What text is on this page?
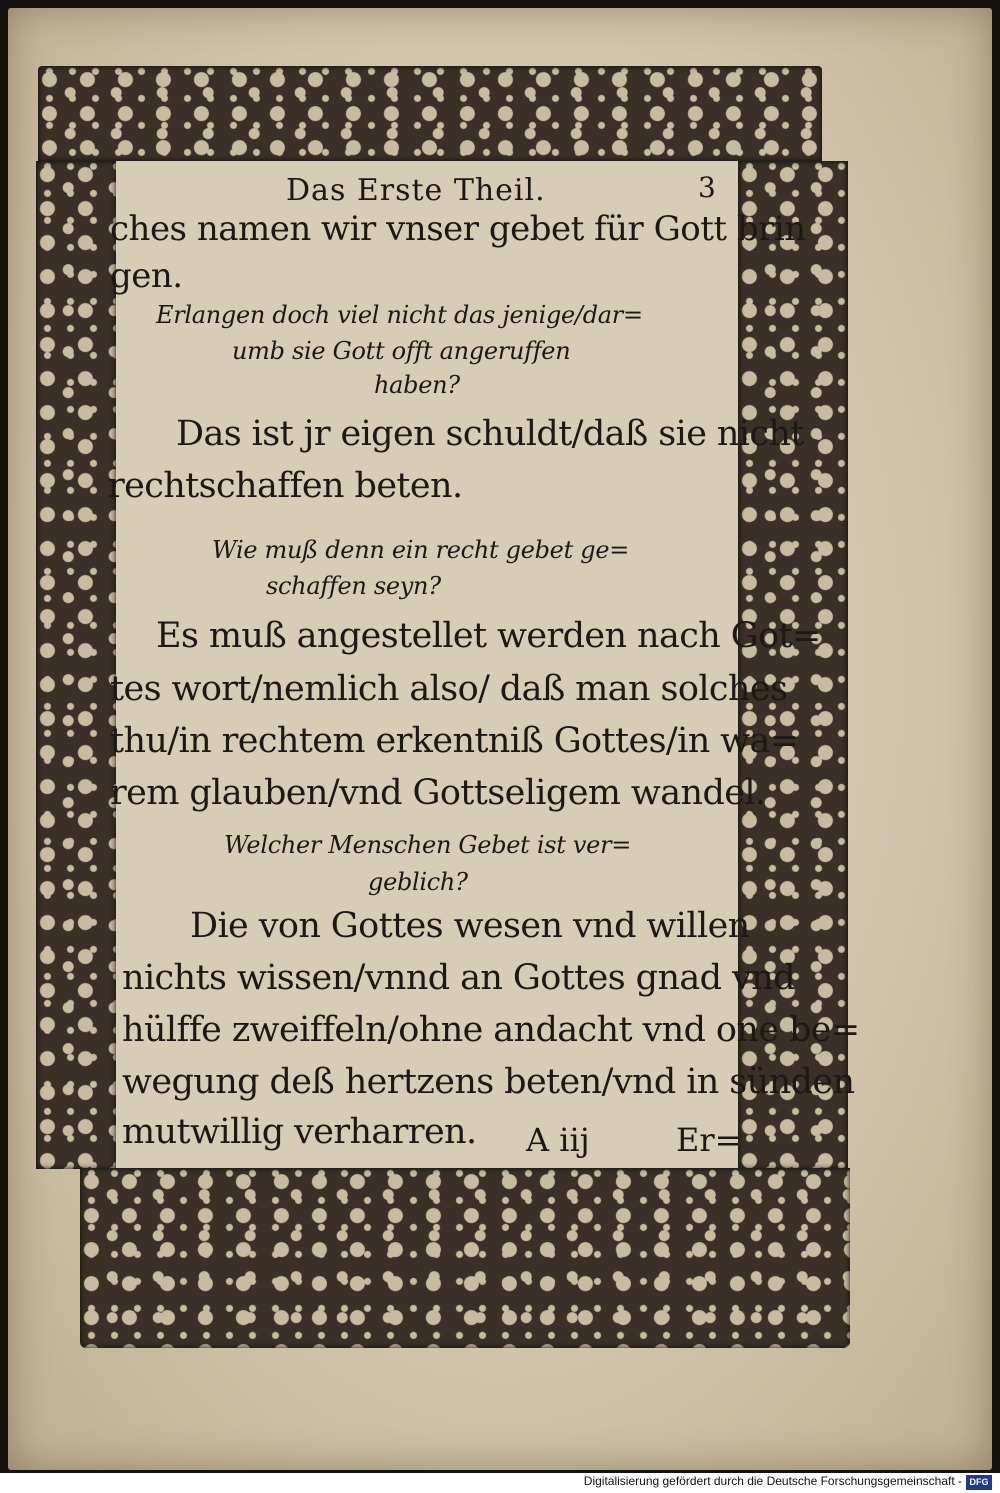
Das Erste Theil.	3
ches namen wir vnser gebet für Gott brin
gen.
Erlangen doch viel nicht das jenige/dar=
umb sie Gott offt angeruffen
haben?
Das ist jr eigen schuldt/daß sie nicht
rechtschaffen beten.
Wie muß denn ein recht gebet ge=
schaffen seyn?
Es muß angestellet werden nach Got=
tes wort/nemlich also/ daß man solches
thu/in rechtem erkentniß Gottes/in wa=
rem glauben/vnd Gottseligem wandel.
Welcher Menschen Gebet ist ver=
geblich?
Die von Gottes wesen vnd willen
nichts wissen/vnnd an Gottes gnad vnd
hülffe zweiffeln/ohne andacht vnd one be=
wegung deß hertzens beten/vnd in sünden
mutwillig verharren. A iij	Er=
Digitalisierung gefördert durch die Deutsche Forschungsgemeinschaft - DFG
